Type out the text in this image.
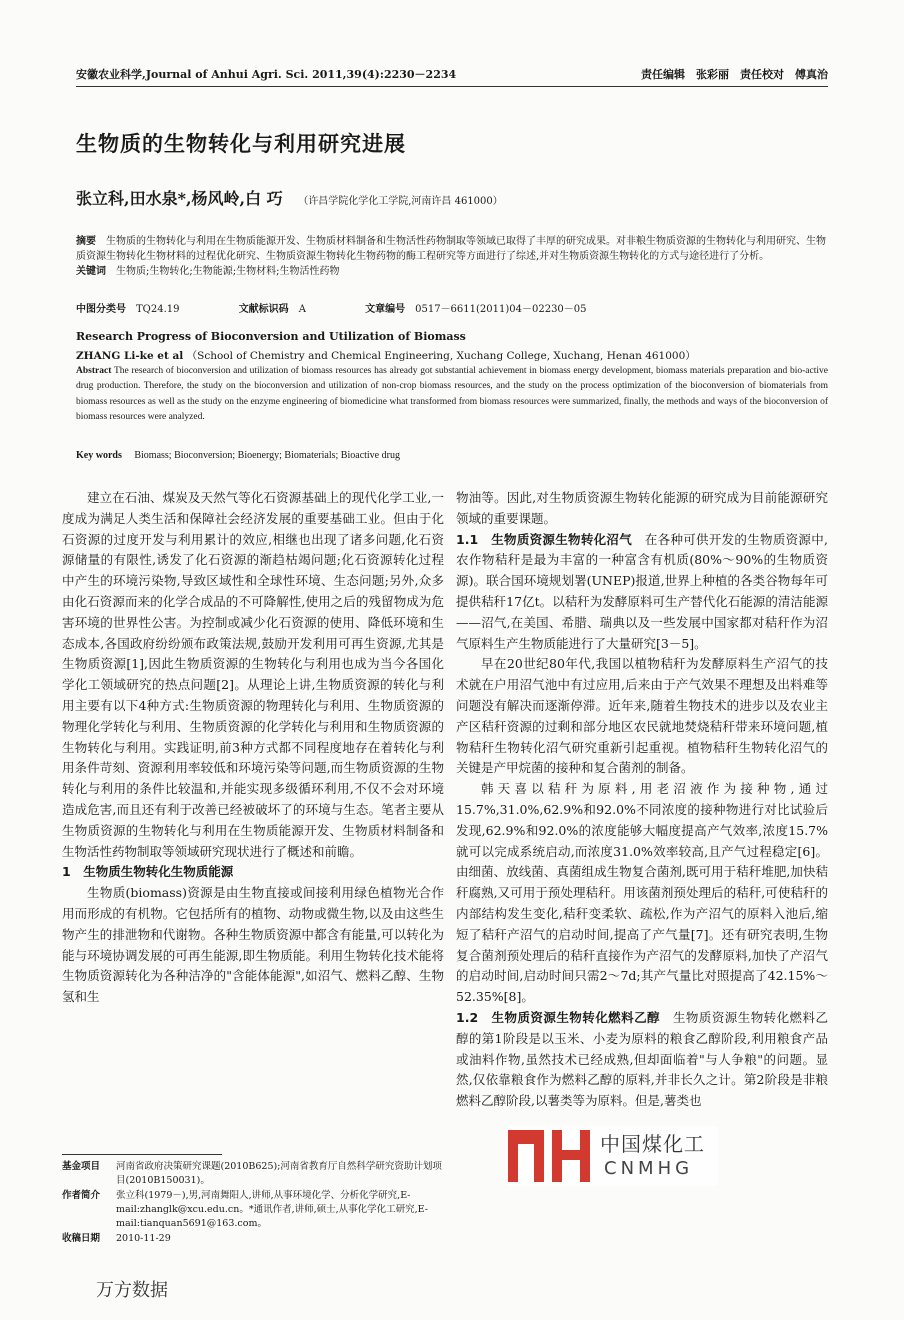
安徽农业科学,Journal of Anhui Agri. Sci. 2011,39(4):2230－2234	责任编辑　张彩丽　责任校对　傅真治
生物质的生物转化与利用研究进展
张立科,田水泉*,杨风岭,白 巧 （许昌学院化学化工学院,河南许昌 461000）
摘要　 生物质的生物转化与利用在生物质能源开发、生物质材料制备和生物活性药物制取等领域已取得了丰厚的研究成果。对非粮生物质资源的生物转化与利用研究、生物质资源生物转化生物材料的过程优化研究、生物质资源生物转化生物药物的酶工程研究等方面进行了综述,并对生物质资源生物转化的方式与途径进行了分析。
关键词　 生物质;生物转化;生物能源;生物材料;生物活性药物
中图分类号　 TQ24.19	文献标识码　 A	文章编号　 0517－6611(2011)04－02230－05
Research Progress of Bioconversion and Utilization of Biomass
ZHANG Li-ke et al （School of Chemistry and Chemical Engineering, Xuchang College, Xuchang, Henan 461000）
Abstract The research of bioconversion and utilization of biomass resources has already got substantial achievement in biomass energy development, biomass materials preparation and bio-active drug production. Therefore, the study on the bioconversion and utilization of non-crop biomass resources, and the study on the process optimization of the bioconversion of biomaterials from biomass resources as well as the study on the enzyme engineering of biomedicine what transformed from biomass resources were summarized, finally, the methods and ways of the bioconversion of biomass resources were analyzed.
Key words　 Biomass; Bioconversion; Bioenergy; Biomaterials; Bioactive drug

建立在石油、煤炭及天然气等化石资源基础上的现代化学工业,一度成为满足人类生活和保障社会经济发展的重要基础工业。但由于化石资源的过度开发与利用累计的效应,相继也出现了诸多问题,化石资源储量的有限性,诱发了化石资源的渐趋枯竭问题;化石资源转化过程中产生的环境污染物,导致区域性和全球性环境、生态问题;另外,众多由化石资源而来的化学合成品的不可降解性,使用之后的残留物成为危害环境的世界性公害。为控制或减少化石资源的使用、降低环境和生态成本,各国政府纷纷颁布政策法规,鼓励开发利用可再生资源,尤其是生物质资源[1],因此生物质资源的生物转化与利用也成为当今各国化学化工领域研究的热点问题[2]。从理论上讲,生物质资源的转化与利用主要有以下4种方式:生物质资源的物理转化与利用、生物质资源的物理化学转化与利用、生物质资源的化学转化与利用和生物质资源的生物转化与利用。实践证明,前3种方式都不同程度地存在着转化与利用条件苛刻、资源利用率较低和环境污染等问题,而生物质资源的生物转化与利用的条件比较温和,并能实现多级循环利用,不仅不会对环境造成危害,而且还有利于改善已经被破坏了的环境与生态。笔者主要从生物质资源的生物转化与利用在生物质能源开发、生物质材料制备和生物活性药物制取等领域研究现状进行了概述和前瞻。

1　生物质生物转化生物质能源

生物质(biomass)资源是由生物直接或间接利用绿色植物光合作用而形成的有机物。它包括所有的植物、动物或微生物,以及由这些生物产生的排泄物和代谢物。各种生物质资源中都含有能量,可以转化为能与环境协调发展的可再生能源,即生物质能。利用生物转化技术能将生物质资源转化为各种洁净的"含能体能源",如沼气、燃料乙醇、生物氢和生

物油等。因此,对生物质资源生物转化能源的研究成为目前能源研究领域的重要课题。

1.1　生物质资源生物转化沼气　 在各种可供开发的生物质资源中,农作物秸秆是最为丰富的一种富含有机质(80%～90%的生物质资源)。联合国环境规划署(UNEP)报道,世界上种植的各类谷物每年可提供秸秆17亿t。以秸秆为发酵原料可生产替代化石能源的清洁能源——沼气,在美国、希腊、瑞典以及一些发展中国家都对秸秆作为沼气原料生产生物质能进行了大量研究[3－5]。

早在20世纪80年代,我国以植物秸秆为发酵原料生产沼气的技术就在户用沼气池中有过应用,后来由于产气效果不理想及出料难等问题没有解决而逐渐停滞。近年来,随着生物技术的进步以及农业主产区秸秆资源的过剩和部分地区农民就地焚烧秸秆带来环境问题,植物秸秆生物转化沼气研究重新引起重视。植物秸秆生物转化沼气的关键是产甲烷菌的接种和复合菌剂的制备。

韩天喜以秸秆为原料,用老沼液作为接种物,通过15.7%,31.0%,62.9%和92.0%不同浓度的接种物进行对比试验后发现,62.9%和92.0%的浓度能够大幅度提高产气效率,浓度15.7%就可以完成系统启动,而浓度31.0%效率较高,且产气过程稳定[6]。由细菌、放线菌、真菌组成生物复合菌剂,既可用于秸秆堆肥,加快秸秆腐熟,又可用于预处理秸秆。用该菌剂预处理后的秸秆,可使秸秆的内部结构发生变化,秸秆变柔软、疏松,作为产沼气的原料入池后,缩短了秸秆产沼气的启动时间,提高了产气量[7]。还有研究表明,生物复合菌剂预处理后的秸秆直接作为产沼气的发酵原料,加快了产沼气的启动时间,启动时间只需2～7d;其产气量比对照提高了42.15%～52.35%[8]。

1.2　生物质资源生物转化燃料乙醇　 生物质资源生物转化燃料乙醇的第1阶段是以玉米、小麦为原料的粮食乙醇阶段,利用粮食产品或油料作物,虽然技术已经成熟,但却面临着"与人争粮"的问题。显然,仅依靠粮食作为燃料乙醇的原料,并非长久之计。第2阶段是非粮燃料乙醇阶段,以薯类等为原料。但是,薯类也
基金项目	河南省政府决策研究课题(2010B625);河南省教育厅自然科学研究资助计划项目(2010B150031)。
作者简介	张立科(1979－),男,河南舞阳人,讲师,从事环境化学、分析化学研究,E-mail:zhanglk@xcu.edu.cn。*通讯作者,讲师,硕士,从事化学化工研究,E-mail:tianquan5691@163.com。
收稿日期	2010-11-29
中国煤化工
CNMHG
万方数据
